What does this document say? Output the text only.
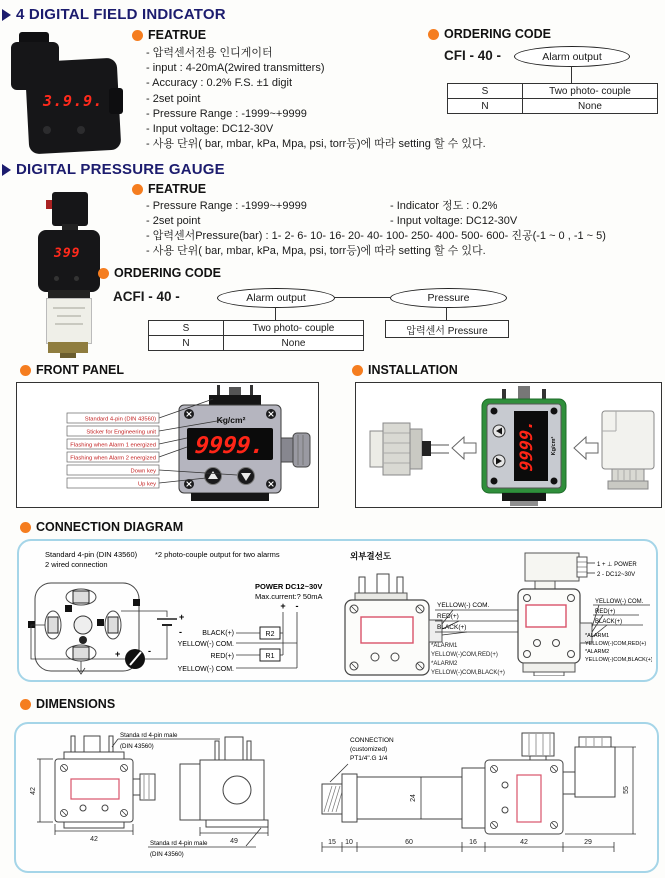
4 DIGITAL FIELD INDICATOR
3.9.9.
FEATRUE
- 압력센서전용 인디게이터
- input : 4-20mA(2wired transmitters)
- Accuracy : 0.2% F.S. ±1 digit
- 2set point
- Pressure Range : -1999~+9999
- Input voltage: DC12-30V
- 사용 단위( bar, mbar, kPa, Mpa, psi, torr등)에 따라 setting 할 수 있다.
ORDERING CODE
CFI - 40 -	Alarm output
S	Two photo- couple
N	None
DIGITAL PRESSURE GAUGE
399
FEATRUE
- Pressure Range : -1999~+9999
- 2set point
- Indicator 정도 : 0.2%
- Input voltage: DC12-30V
- 압력센서Pressure(bar) : 1- 2- 6- 10- 16- 20- 40- 100- 250- 400- 500- 600- 진공(-1 ~ 0 , -1 ~ 5)
- 사용 단위( bar, mbar, kPa, Mpa, psi, torr등)에 따라 setting 할 수 있다.
ORDERING CODE
ACFI - 40 -	Alarm output	Pressure
S	Two photo- couple
N	None
압력센서 Pressure
FRONT PANEL
Kg/cm²
9999.
Standard 4-pin (DIN 43560)
Sticker for Engineering unit
Flashing when Alarm 1 energized
Flashing when Alarm 2 energized
Down key
Up key
INSTALLATION
9999.	Kg/cm²
CONNECTION DIAGRAM
Standard 4-pin (DIN 43560)
2 wired connection
+
-
+	-
*2 photo-couple output for two alarms
POWER DC12~30V
Max.current:? 50mA
+ -
BLACK(+)
YELLOW(-) COM.
RED(+)
YELLOW(-) COM.
R2
R1
외부결선도
YELLOW(-) COM.
RED(+)
BLACK(+)
*ALARM1
YELLOW(-)COM,RED(+)
*ALARM2
YELLOW(-)COM,BLACK(+)
1 + ⊥ POWER
2 - DC12~30V
YELLOW(-) COM.
RED(+)
BLACK(+)
*ALARM1
YELLOW(-)COM,RED(+)
*ALARM2
YELLOW(-)COM,BLACK(+)
DIMENSIONS
42
42
Standa rd 4-pin male
(DIN 43560)
49
Standa rd 4-pin male
(DIN 43560)
24
55
15 10	60	16	42	29
CONNECTION
(customized)
PT1/4".G 1/4
